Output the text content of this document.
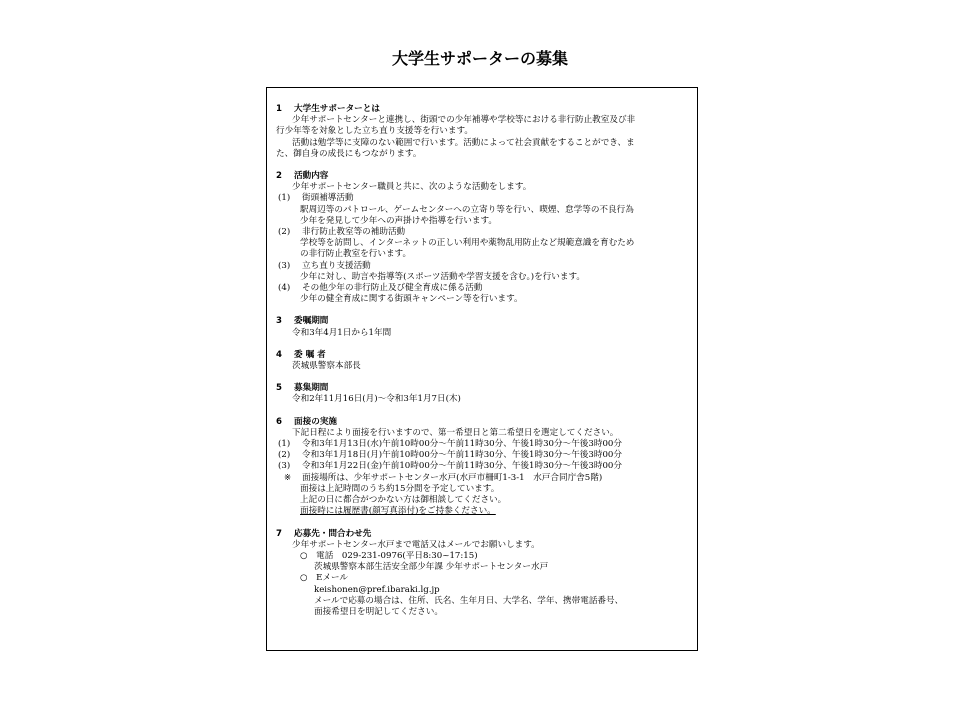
大学生サポーターの募集

1 大学生サポーターとは

少年サポートセンターと連携し、街頭での少年補導や学校等における非行防止教室及び非

行少年等を対象とした立ち直り支援等を行います。

活動は勉学等に支障のない範囲で行います。活動によって社会貢献をすることができ、ま

た、御自身の成長にもつながります。

2 活動内容

少年サポートセンター職員と共に、次のような活動をします。

(1) 街頭補導活動

駅周辺等のパトロール、ゲームセンターへの立寄り等を行い、喫煙、怠学等の不良行為

少年を発見して少年への声掛けや指導を行います。

(2) 非行防止教室等の補助活動

学校等を訪問し、インターネットの正しい利用や薬物乱用防止など規範意識を育むため

の非行防止教室を行います。

(3) 立ち直り支援活動

少年に対し、助言や指導等(スポーツ活動や学習支援を含む。)を行います。

(4) その他少年の非行防止及び健全育成に係る活動

少年の健全育成に関する街頭キャンペーン等を行います。

3 委嘱期間

令和3年4月1日から1年間

4 委 嘱 者

茨城県警察本部長

5 募集期間

令和2年11月16日(月)～令和3年1月7日(木)

6 面接の実施

下記日程により面接を行いますので、第一希望日と第二希望日を選定してください。

(1) 令和3年1月13日(水)午前10時00分～午前11時30分、午後1時30分～午後3時00分

(2) 令和3年1月18日(月)午前10時00分～午前11時30分、午後1時30分～午後3時00分

(3) 令和3年1月22日(金)午前10時00分～午前11時30分、午後1時30分～午後3時00分

※ 面接場所は、少年サポートセンター水戸(水戸市柵町1-3-1　水戸合同庁舎5階)

面接は上記時間のうち約15分間を予定しています。

上記の日に都合がつかない方は御相談してください。

面接時には履歴書(顔写真添付)をご持参ください。

7 応募先・問合わせ先

少年サポートセンター水戸まで電話又はメールでお願いします。

○　 電話　 029-231-0976(平日8:30~17:15)

茨城県警察本部生活安全部少年課 少年サポートセンター水戸

○　 Eメール

keishonen@pref.ibaraki.lg.jp

メールで応募の場合は、住所、氏名、生年月日、大学名、学年、携帯電話番号、

面接希望日を明記してください。
